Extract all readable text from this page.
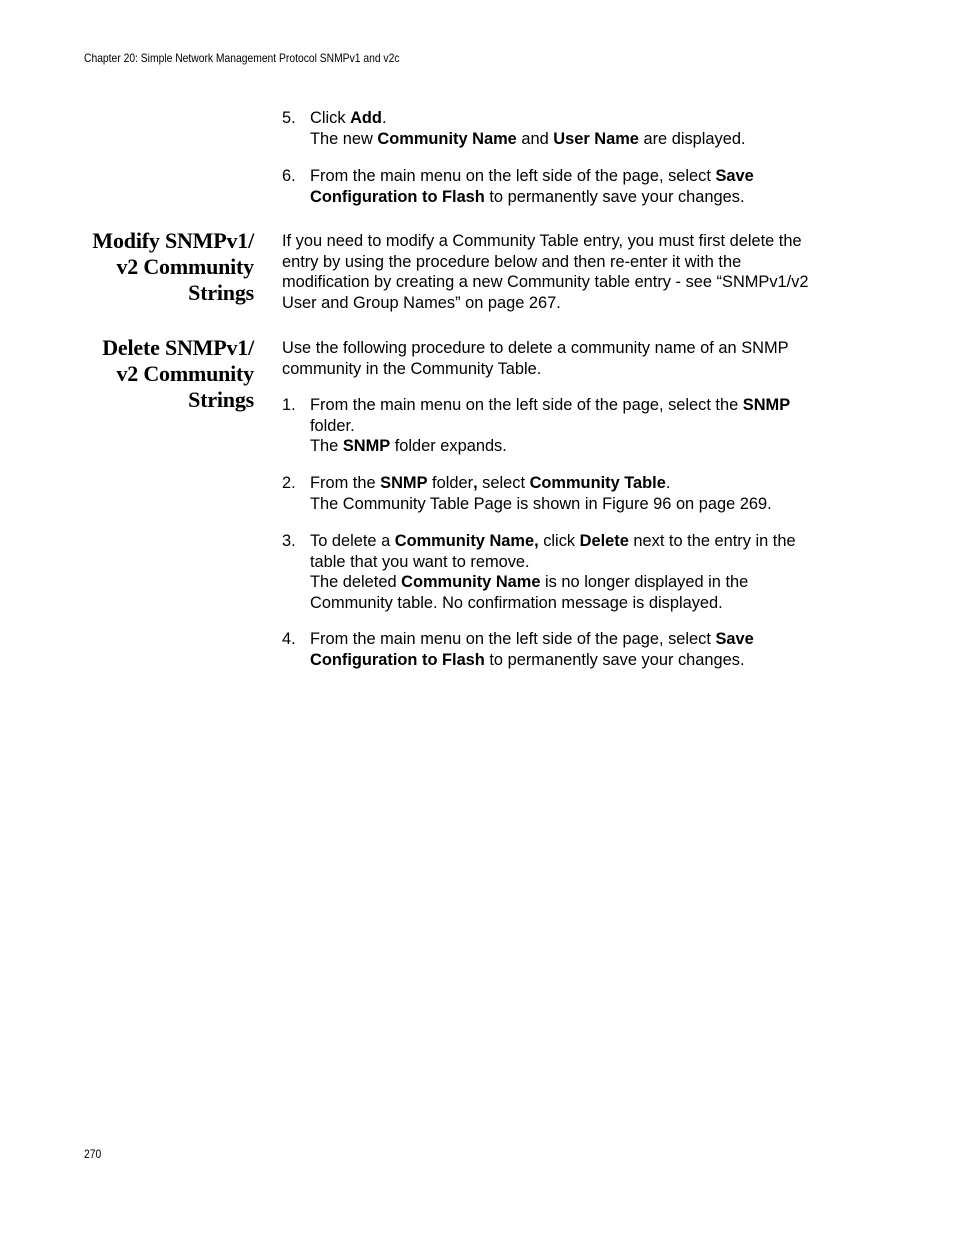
Chapter 20: Simple Network Management Protocol SNMPv1 and v2c
5. Click Add.
The new Community Name and User Name are displayed.
6. From the main menu on the left side of the page, select Save
Configuration to Flash to permanently save your changes.
Modify SNMPv1/
v2 Community
Strings
If you need to modify a Community Table entry, you must first delete the
entry by using the procedure below and then re-enter it with the
modification by creating a new Community table entry - see “SNMPv1/v2
User and Group Names” on page 267.
Delete SNMPv1/
v2 Community
Strings
Use the following procedure to delete a community name of an SNMP
community in the Community Table.
1. From the main menu on the left side of the page, select the SNMP
folder.
The SNMP folder expands.
2. From the SNMP folder, select Community Table.
The Community Table Page is shown in Figure 96 on page 269.
3. To delete a Community Name, click Delete next to the entry in the
table that you want to remove.
The deleted Community Name is no longer displayed in the
Community table. No confirmation message is displayed.
4. From the main menu on the left side of the page, select Save
Configuration to Flash to permanently save your changes.
270
